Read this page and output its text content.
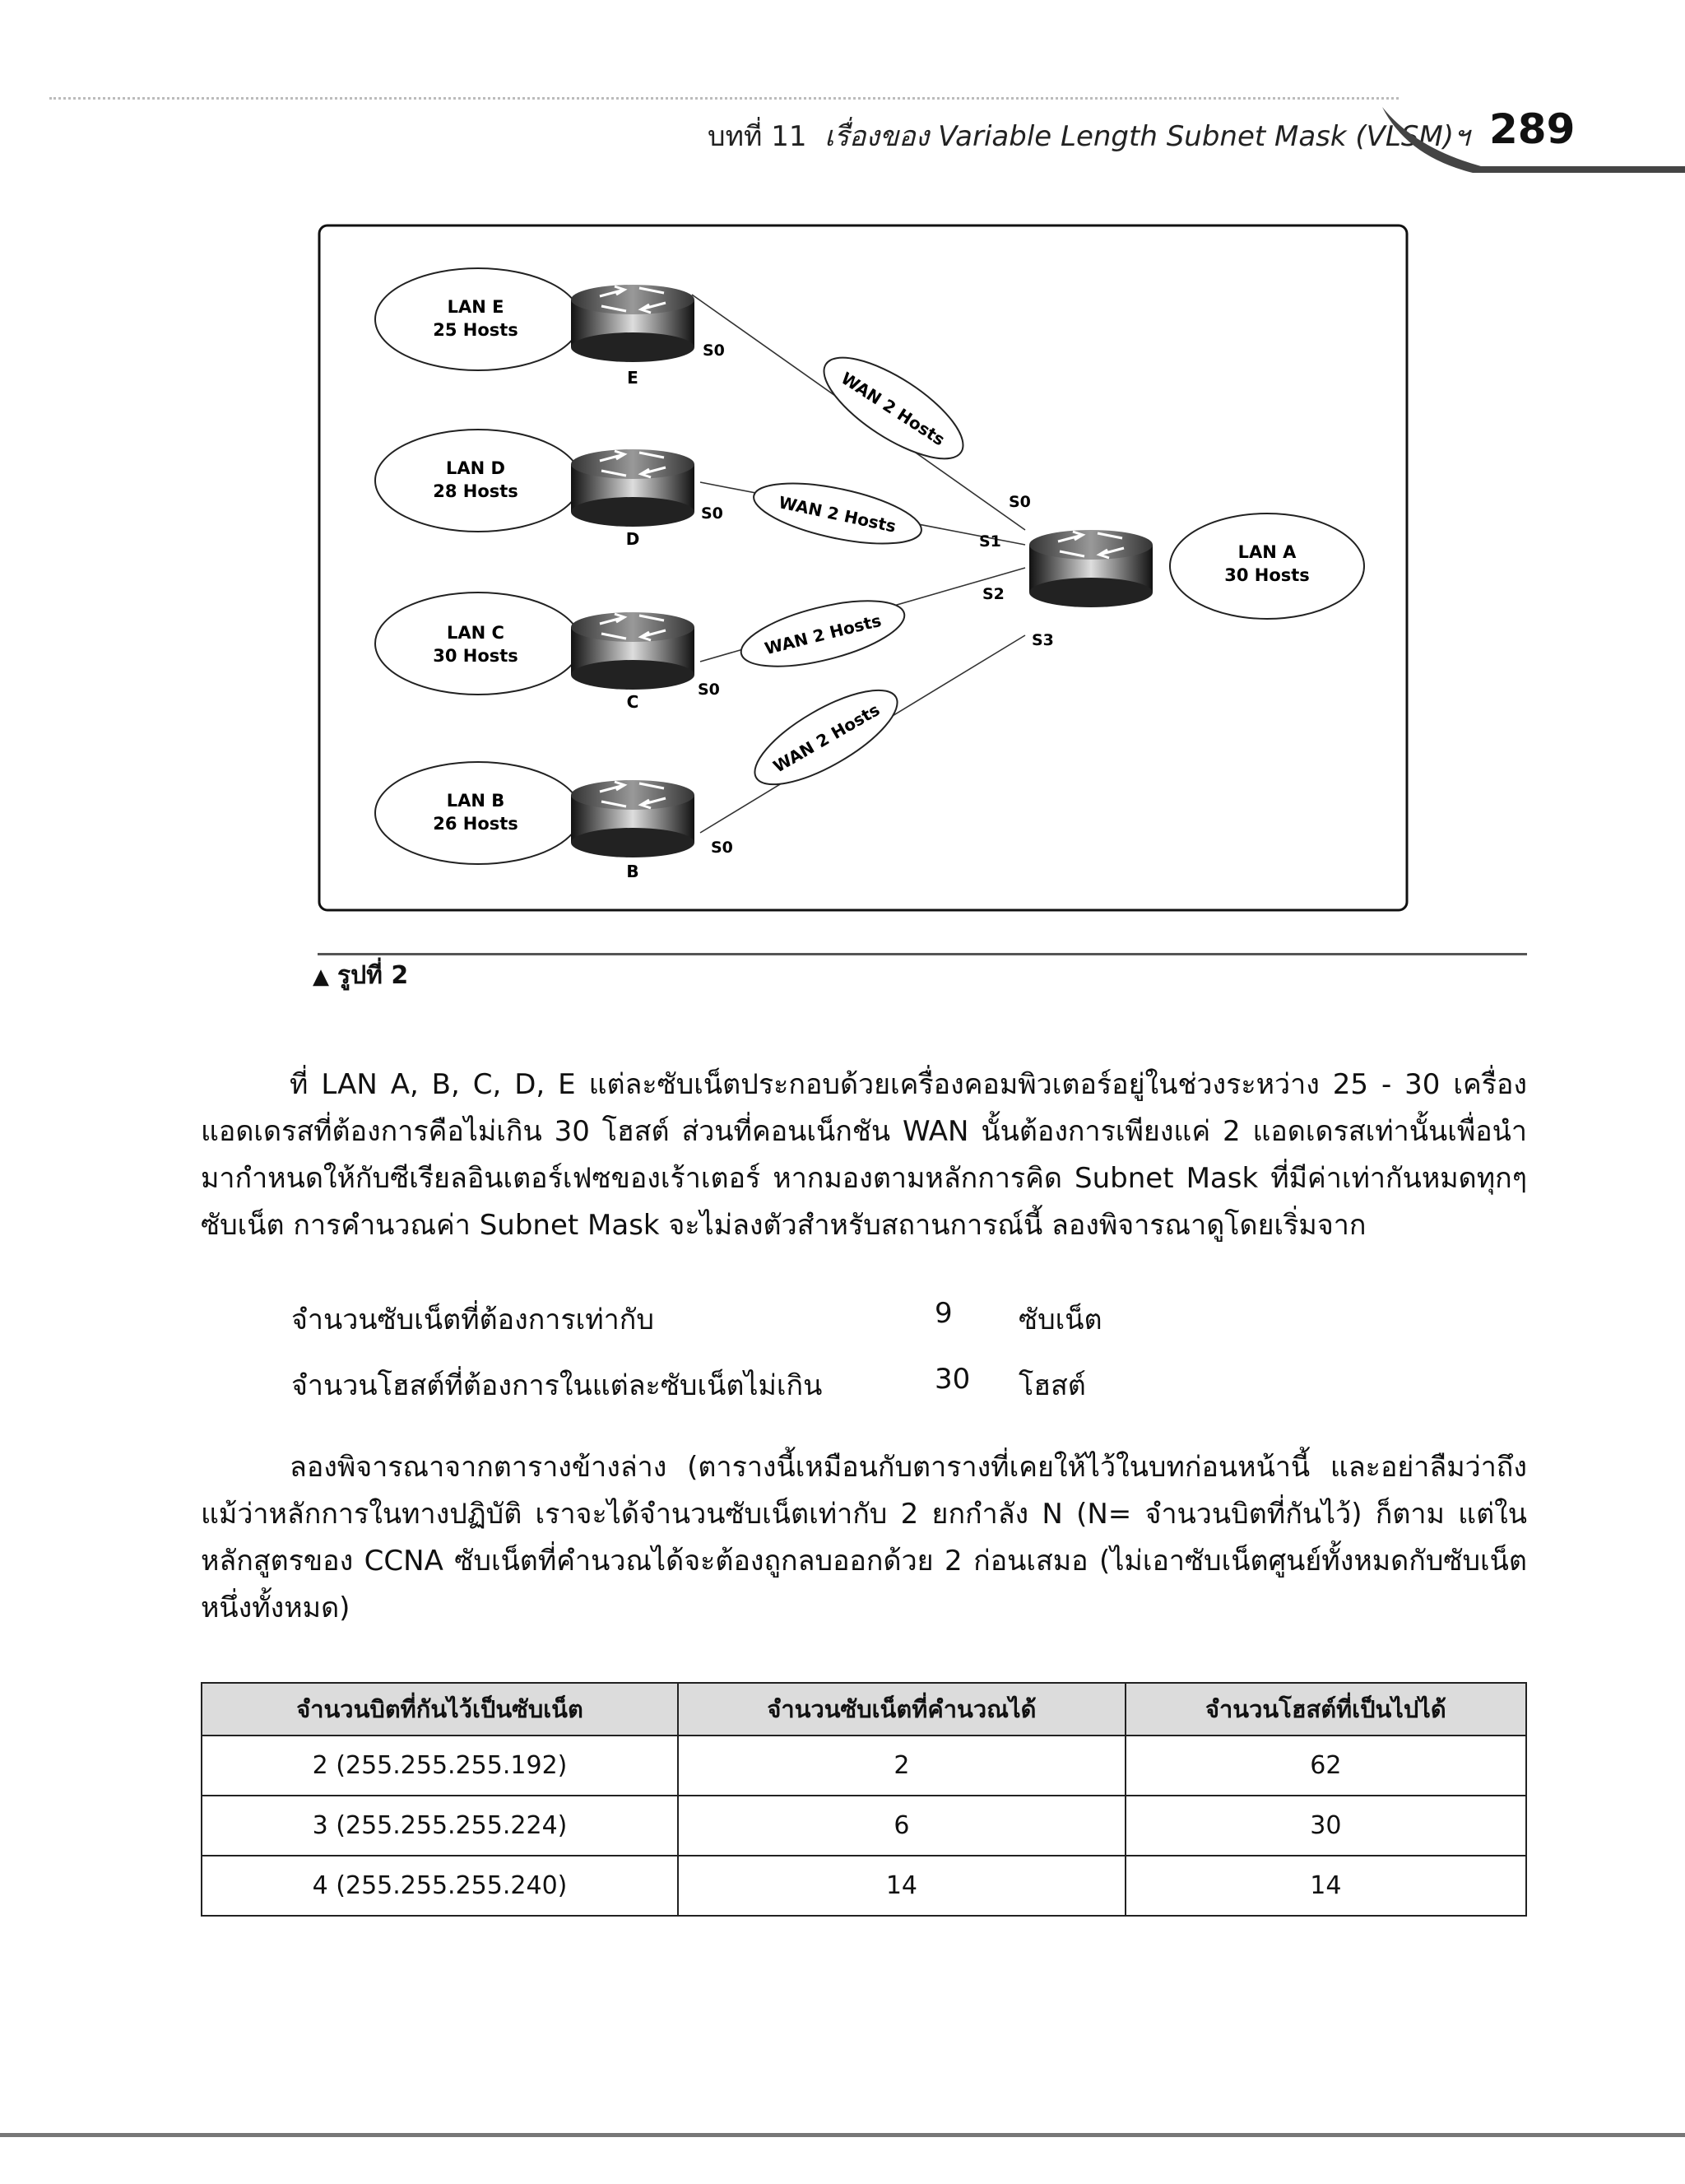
บทที่ 11 เรื่องของ Variable Length Subnet Mask (VLSM)ฯ 289
WAN 2 Hosts
WAN 2 Hosts
WAN 2 Hosts
WAN 2 Hosts
LAN E
25 Hosts
LAN D
28 Hosts
LAN C
30 Hosts
LAN B
26 Hosts
LAN A
30 Hosts
E
D
C
B
S0
S0
S0
S0
S0
S1
S2
S3
▲ รูปที่ 2
ที่ LAN A, B, C, D, E แต่ละซับเน็ตประกอบด้วยเครื่องคอมพิวเตอร์อยู่ในช่วงระหว่าง 25 - 30 เครื่อง แอดเดรสที่ต้องการคือไม่เกิน 30 โฮสต์ ส่วนที่คอนเน็กชัน WAN นั้นต้องการเพียงแค่ 2 แอดเดรสเท่านั้นเพื่อนำมากำหนดให้กับซีเรียลอินเตอร์เฟซของเร้าเตอร์ หากมองตามหลักการคิด Subnet Mask ที่มีค่าเท่ากันหมดทุกๆ ซับเน็ต การคำนวณค่า Subnet Mask จะไม่ลงตัวสำหรับสถานการณ์นี้ ลองพิจารณาดูโดยเริ่มจาก
จำนวนซับเน็ตที่ต้องการเท่ากับ	9 ซับเน็ต
จำนวนโฮสต์ที่ต้องการในแต่ละซับเน็ตไม่เกิน	30 โฮสต์
ลองพิจารณาจากตารางข้างล่าง (ตารางนี้เหมือนกับตารางที่เคยให้ไว้ในบทก่อนหน้านี้ และอย่าลืมว่าถึงแม้ว่าหลักการในทางปฏิบัติ เราจะได้จำนวนซับเน็ตเท่ากับ 2 ยกกำลัง N (N= จำนวนบิตที่กันไว้) ก็ตาม แต่ในหลักสูตรของ CCNA ซับเน็ตที่คำนวณได้จะต้องถูกลบออกด้วย 2 ก่อนเสมอ (ไม่เอาซับเน็ตศูนย์ทั้งหมดกับซับเน็ตหนึ่งทั้งหมด)
จำนวนบิตที่กันไว้เป็นซับเน็ต	จำนวนซับเน็ตที่คำนวณได้	จำนวนโฮสต์ที่เป็นไปได้
2 (255.255.255.192)	2	62
3 (255.255.255.224)	6	30
4 (255.255.255.240)	14	14
